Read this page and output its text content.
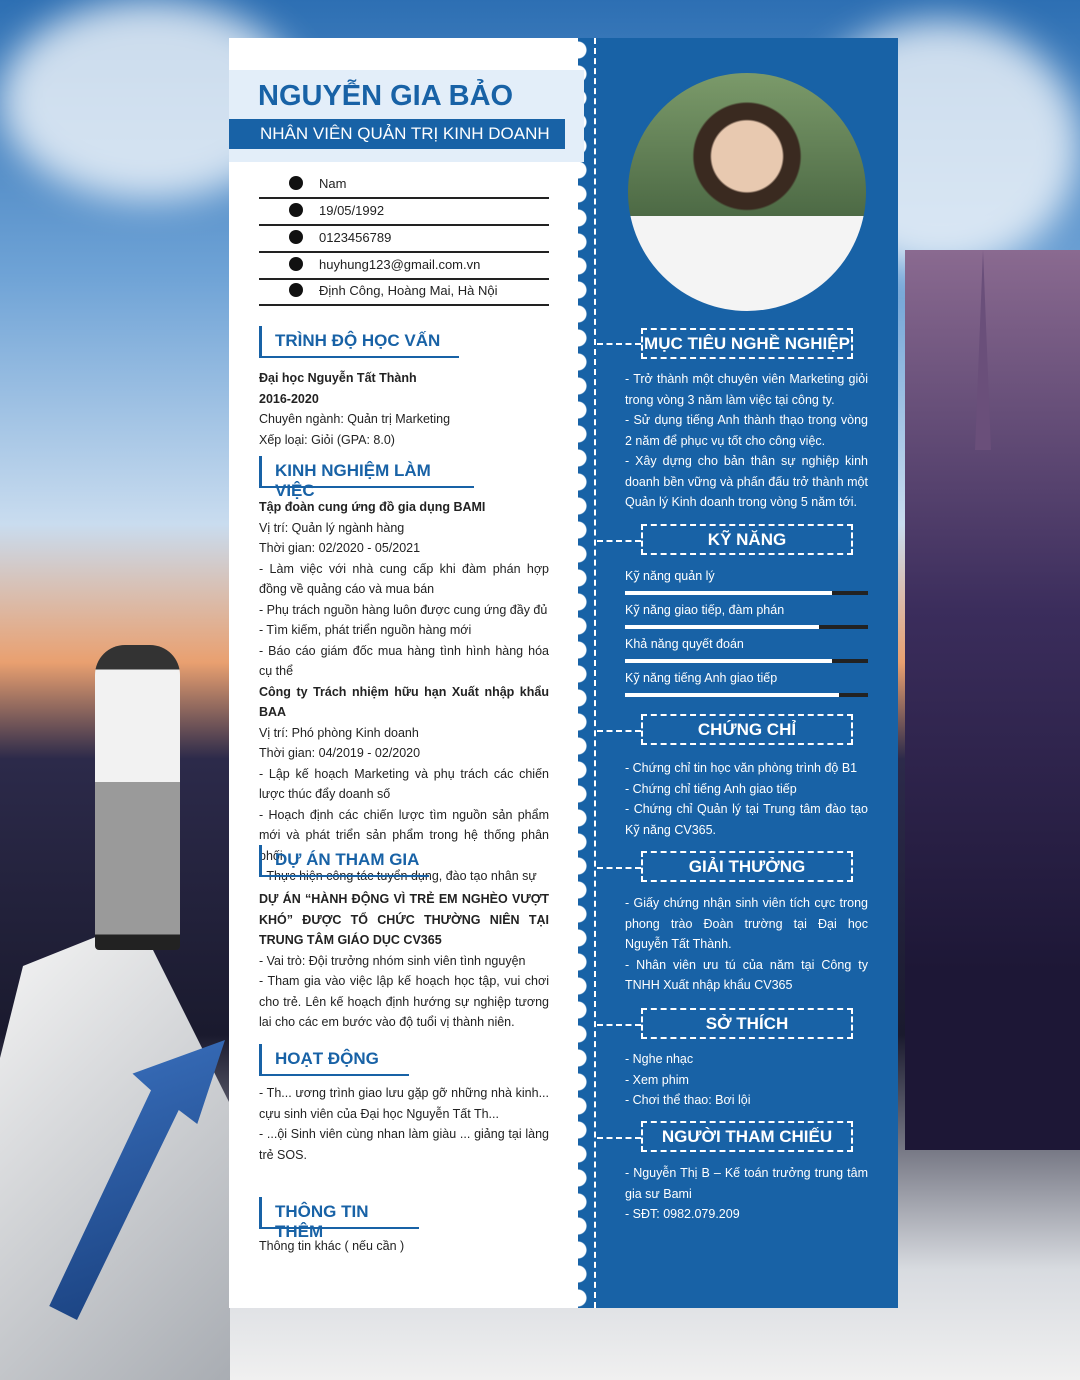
NGUYỄN GIA BẢO
NHÂN VIÊN QUẢN TRỊ KINH DOANH
Nam
19/05/1992
0123456789
huyhung123@gmail.com.vn
Định Công, Hoàng Mai, Hà Nội
TRÌNH ĐỘ HỌC VẤN
Đại học Nguyễn Tất Thành
2016-2020
Chuyên ngành: Quản trị Marketing
Xếp loại: Giỏi (GPA: 8.0)
KINH NGHIỆM LÀM VIỆC
Tập đoàn cung ứng đồ gia dụng BAMI
Vị trí: Quản lý ngành hàng
Thời gian: 02/2020 - 05/2021
- Làm việc với nhà cung cấp khi đàm phán hợp đồng về quảng cáo và mua bán
- Phụ trách nguồn hàng luôn được cung ứng đầy đủ
- Tìm kiếm, phát triển nguồn hàng mới
- Báo cáo giám đốc mua hàng tình hình hàng hóa cụ thể
Công ty Trách nhiệm hữu hạn Xuất nhập khẩu BAA
Vị trí: Phó phòng Kinh doanh
Thời gian: 04/2019 - 02/2020
- Lập kế hoạch Marketing và phụ trách các chiến lược thúc đẩy doanh số
- Hoạch định các chiến lược tìm nguồn sản phẩm mới và phát triển sản phẩm trong hệ thống phân phối
- Thực hiện công tác tuyển dụng, đào tạo nhân sự
DỰ ÁN THAM GIA
DỰ ÁN “HÀNH ĐỘNG VÌ TRẺ EM NGHÈO VƯỢT KHÓ” ĐƯỢC TỔ CHỨC THƯỜNG NIÊN TẠI TRUNG TÂM GIÁO DỤC CV365
- Vai trò: Đội trưởng nhóm sinh viên tình nguyện
- Tham gia vào việc lập kế hoạch học tập, vui chơi cho trẻ. Lên kế hoạch định hướng sự nghiệp tương lai cho các em bước vào độ tuổi vị thành niên.
HOẠT ĐỘNG
- Th... ương trình giao lưu gặp gỡ những nhà kinh... cựu sinh viên của Đại học Nguyễn Tất Th...
- ...ội Sinh viên cùng nhan làm giàu ... giảng tại làng trẻ SOS.
THÔNG TIN THÊM
Thông tin khác ( nếu cần )
MỤC TIÊU NGHỀ NGHIỆP
- Trở thành một chuyên viên Marketing giỏi trong vòng 3 năm làm việc tại công ty.
- Sử dụng tiếng Anh thành thạo trong vòng 2 năm để phục vụ tốt cho công việc.
- Xây dựng cho bản thân sự nghiệp kinh doanh bền vững và phấn đấu trở thành một Quản lý Kinh doanh trong vòng 5 năm tới.
KỸ NĂNG
Kỹ năng quản lý
Kỹ năng giao tiếp, đàm phán
Khả năng quyết đoán
Kỹ năng tiếng Anh giao tiếp
CHỨNG CHỈ
- Chứng chỉ tin học văn phòng trình độ B1
- Chứng chỉ tiếng Anh giao tiếp
- Chứng chỉ Quản lý tại Trung tâm đào tạo Kỹ năng CV365.
GIẢI THƯỞNG
- Giấy chứng nhận sinh viên tích cực trong phong trào Đoàn trường tại Đại học Nguyễn Tất Thành.
- Nhân viên ưu tú của năm tại Công ty TNHH Xuất nhập khẩu CV365
SỞ THÍCH
- Nghe nhạc
- Xem phim
- Chơi thể thao: Bơi lội
NGƯỜI THAM CHIẾU
- Nguyễn Thị B – Kế toán trưởng trung tâm gia sư Bami
- SĐT: 0982.079.209
